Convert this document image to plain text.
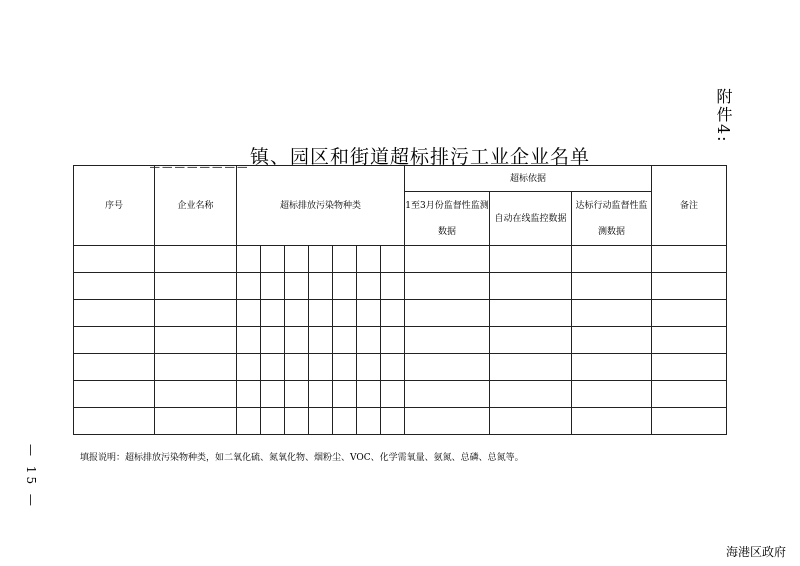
附件4:
________镇、园区和街道超标排污工业企业名单
序号	企业名称	超标排放污染物种类							超标依据			备注
									1至3月份监督性监测数据	自动在线监控数据	达标行动监督性监测数据	

填报说明：超标排放污染物种类，如二氧化硫、氮氧化物、烟粉尘、VOC、化学需氧量、氨氮、总磷、总氮等。
— 15 —
海港区政府
